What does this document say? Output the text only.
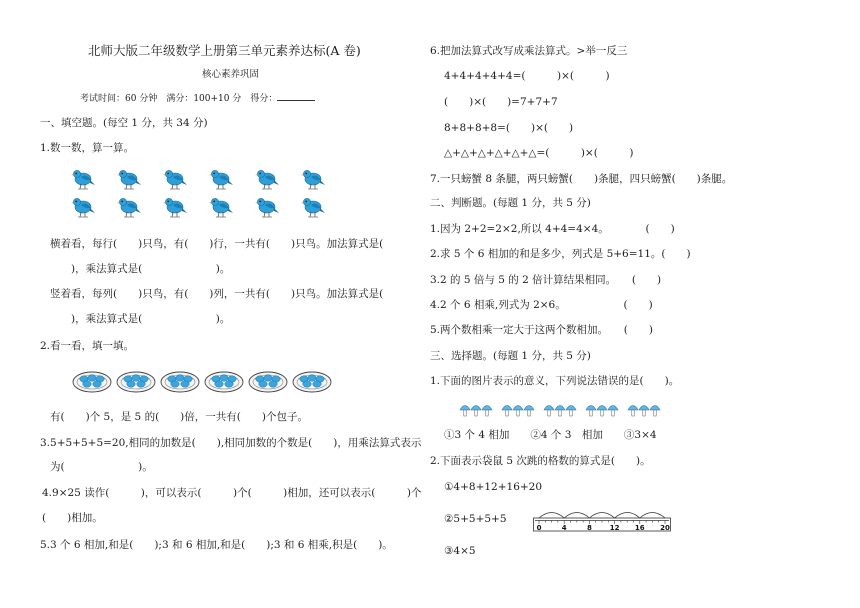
北师大版二年级数学上册第三单元素养达标(A 卷)
核心素养巩固
考试时间：60 分钟　满分：100+10 分　得分：
一、填空题。(每空 1 分，共 34 分)
1.数一数，算一算。
横着看，每行(　　)只鸟，有(　　)行，一共有(　　)只鸟。加法算式是(
　　)，乘法算式是(　　　　　　　)。
竖着看，每列(　　)只鸟，有(　　)列，一共有(　　)只鸟。加法算式是(
　　)，乘法算式是(　　　　　　　)。
2.看一看，填一填。
有(　　)个 5，是 5 的(　　)倍，一共有(　　)个包子。
3.5+5+5+5=20,相同的加数是(　　),相同加数的个数是(　　)，用乘法算式表示
为(　　　　　　　)。
4.9×25 读作(　　　)，可以表示(　　　)个(　　　)相加，还可以表示(　　　)个
(　　)相加。
5.3 个 6 相加,和是(　　);3 和 6 相加,和是(　　);3 和 6 相乘,积是(　　)。
6.把加法算式改写成乘法算式。>举一反三
4+4+4+4+4=(　　　)×(　　　)
(　　)×(　　)=7+7+7
8+8+8+8=(　　)×(　　)
△+△+△+△+△+△=(　　　)×(　　　)
7.一只螃蟹 8 条腿，两只螃蟹(　　)条腿，四只螃蟹(　　)条腿。
二、判断题。(每题 1 分，共 5 分)
1.因为 2+2=2×2,所以 4+4=4×4。　　　　(　　)
2.求 5 个 6 相加的和是多少，列式是 5+6=11。(　　)
3.2 的 5 倍与 5 的 2 倍计算结果相同。　　(　　)
4.2 个 6 相乘,列式为 2×6。　　　　　　(　　)
5.两个数相乘一定大于这两个数相加。　　(　　)
三、选择题。(每题 1 分，共 5 分)
1.下面的图片表示的意义，下列说法错误的是(　　)。
①3 个 4 相加　　②4 个 3　相加　　③3×4
2.下面表示袋鼠 5 次跳的格数的算式是(　　)。
①4+8+12+16+20
②5+5+5+5
0	4	8	12 16 20
③4×5
